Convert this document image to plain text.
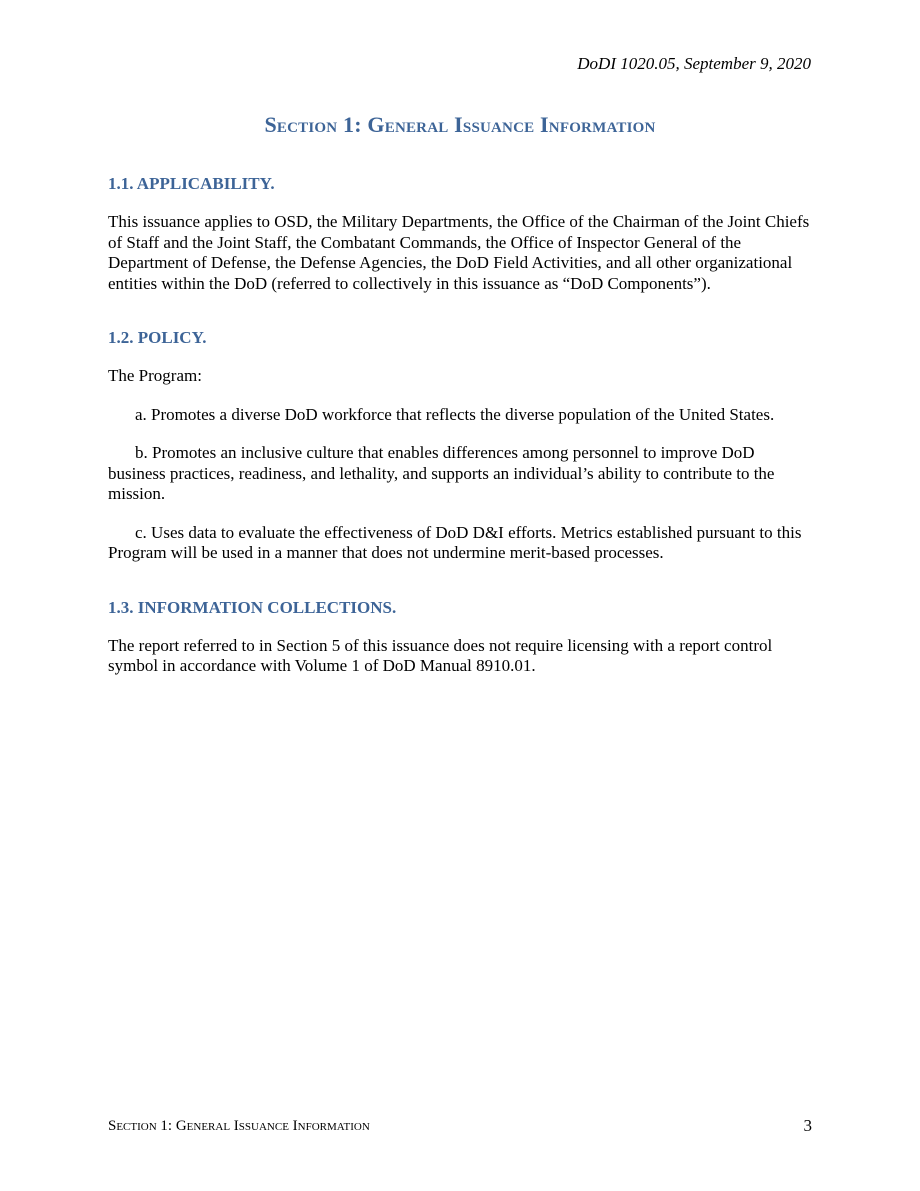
DoDI 1020.05, September 9, 2020
Section 1: General Issuance Information

1.1. APPLICABILITY.

This issuance applies to OSD, the Military Departments, the Office of the Chairman of the Joint Chiefs of Staff and the Joint Staff, the Combatant Commands, the Office of Inspector General of the Department of Defense, the Defense Agencies, the DoD Field Activities, and all other organizational entities within the DoD (referred to collectively in this issuance as “DoD Components”).

1.2. POLICY.

The Program:

a. Promotes a diverse DoD workforce that reflects the diverse population of the United States.

b. Promotes an inclusive culture that enables differences among personnel to improve DoD business practices, readiness, and lethality, and supports an individual’s ability to contribute to the mission.

c. Uses data to evaluate the effectiveness of DoD D&I efforts. Metrics established pursuant to this Program will be used in a manner that does not undermine merit-based processes.

1.3. INFORMATION COLLECTIONS.

The report referred to in Section 5 of this issuance does not require licensing with a report control symbol in accordance with Volume 1 of DoD Manual 8910.01.

Section 1: General Issuance Information	3
